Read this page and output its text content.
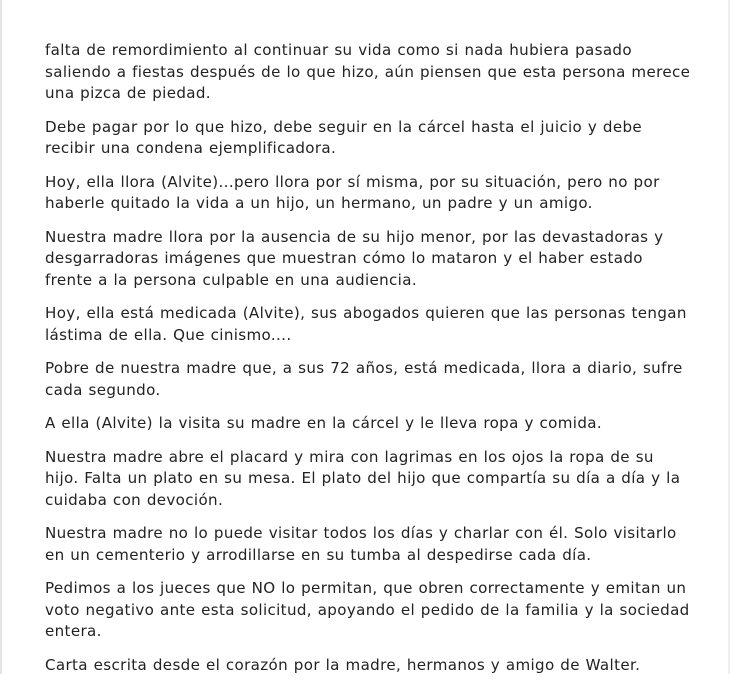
falta de remordimiento al continuar su vida como si nada hubiera pasado saliendo a fiestas después de lo que hizo, aún piensen que esta persona merece una pizca de piedad.

Debe pagar por lo que hizo, debe seguir en la cárcel hasta el juicio y debe recibir una condena ejemplificadora.

Hoy, ella llora (Alvite)...pero llora por sí misma, por su situación, pero no por haberle quitado la vida a un hijo, un hermano, un padre y un amigo.

Nuestra madre llora por la ausencia de su hijo menor, por las devastadoras y desgarradoras imágenes que muestran cómo lo mataron y el haber estado frente a la persona culpable en una audiencia.

Hoy, ella está medicada (Alvite), sus abogados quieren que las personas tengan lástima de ella. Que cinismo....

Pobre de nuestra madre que, a sus 72 años, está medicada, llora a diario, sufre cada segundo.

A ella (Alvite) la visita su madre en la cárcel y le lleva ropa y comida.

Nuestra madre abre el placard y mira con lagrimas en los ojos la ropa de su hijo. Falta un plato en su mesa. El plato del hijo que compartía su día a día y la cuidaba con devoción.

Nuestra madre no lo puede visitar todos los días y charlar con él. Solo visitarlo en un cementerio y arrodillarse en su tumba al despedirse cada día.

Pedimos a los jueces que NO lo permitan, que obren correctamente y emitan un voto negativo ante esta solicitud, apoyando el pedido de la familia y la sociedad entera.

Carta escrita desde el corazón por la madre, hermanos y amigo de Walter.
